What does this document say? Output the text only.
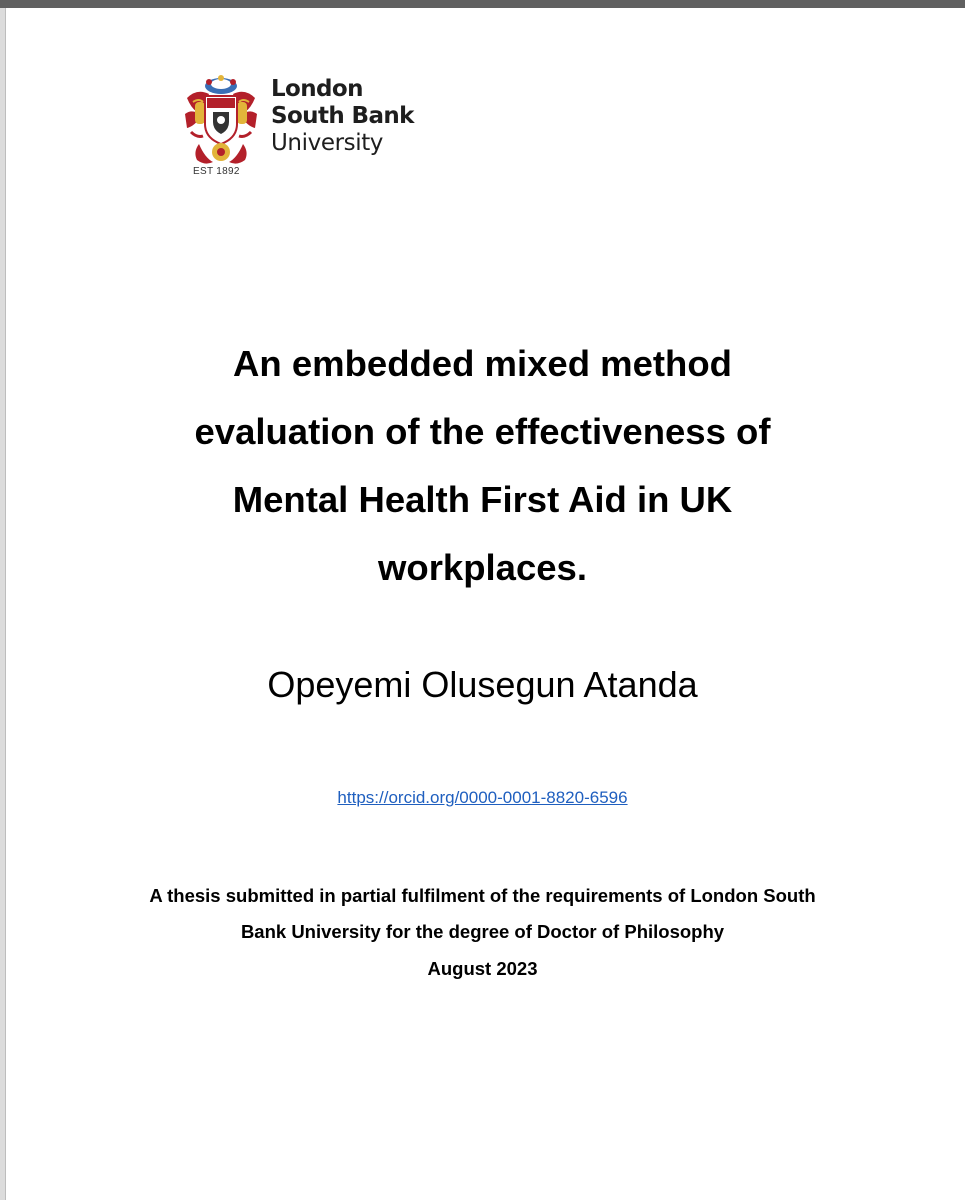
EST 1892
London
South Bank
University
An embedded mixed method
evaluation of the effectiveness of
Mental Health First Aid in UK
workplaces.
Opeyemi Olusegun Atanda
https://orcid.org/0000-0001-8820-6596
A thesis submitted in partial fulfilment of the requirements of London South
Bank University for the degree of Doctor of Philosophy
August 2023
